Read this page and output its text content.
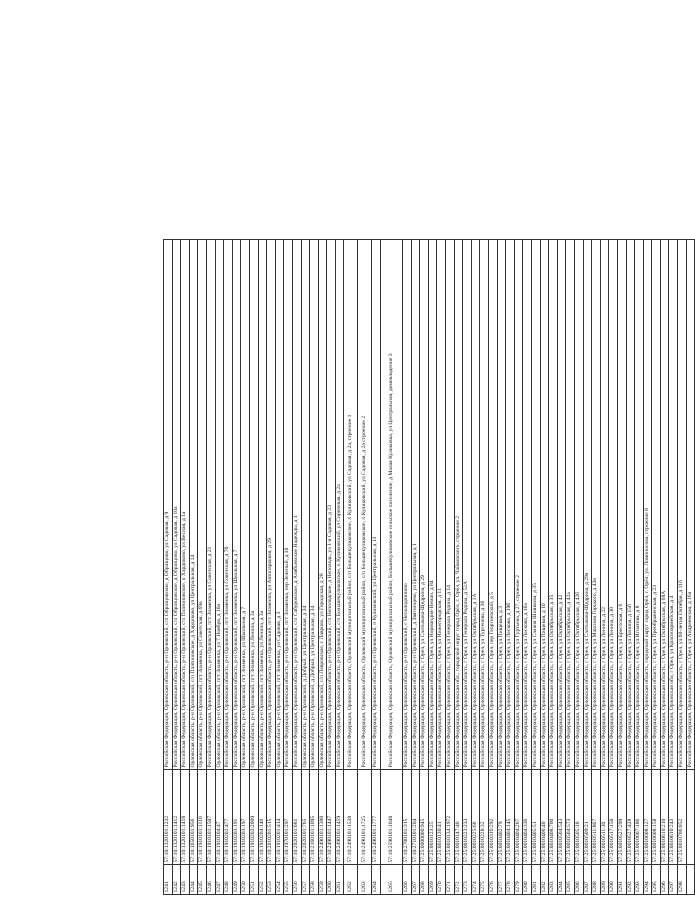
1241	57:10:1320101:1232	Российская Федерация, Орловская область, р-н Орловский, с/п Образцовское, д Образцово, ул Садовая, д 9
1242	57:10:1320101:1412	Российская Федерация, Орловская область, р-н Орловский, с/п Образцовское, д Образцово, ул Садовая, д 10а
1243	57:10:1320101:1418	Российская Федерация, Орловская область, р-н Орловский, с/п Платоновское, п Хардиково, ул Весная, д 1а
1244	57:10:1650101:956	Орловская область, р-н Орловский, с/п Платоновское, д Хардиково, ул Центральная, д 14
1245	57:10:1910101:1110	Орловская область, р-н Орловский, пгт Знаменка, ул Советская, д 69в
1246	57:10:1910101:1507	Российская Федерация, Орловская область, р-н Орловский, пгт Знаменка, ул Советская, д 21
1247	57:10:1910104:47	Орловская область, р-н Орловский, пгт Знаменка, ул 7 Ноября, д 10а
1248	57:10:1910202:477	Российская Федерация, Орловская область, р-н Орловский, пгт Знаменка, ул Советская, д 70
1249	57:10:1910203:191	Российская Федерация, Орловская область, р-н Орловский, пгт Знаменка, ул Школьная, д 7
1250	57:10:1910203:197	Орловская область, р-н Орловский, пгт Знаменка, ул Школьная, д 7
1251	57:10:1910203:2009	Орловская область, р-н Орловский, пгт Знаменка, ул Ленина, д 3а
1252	57:10:1910204:140	Орловская область, р-н Орловский, пгт Знаменка, ул Ленина, д 3а
1253	57:10:2010201:515	Российская Федерация, Орловская область, р-н Орловский, пгт Знаменка, ул Автопарковая, д 29
1254	57:10:1910201:414	Орловская область, р-н Орловский, пгт Знаменка, ул Садовая, д 3
1255	57:10:1970101:297	Российская Федерация, Орловская область, р-н Орловский, пгт Знаменка, пер Зеленый, д 10
1256	57:10:2020101:681	Российская Федерация, Орловская область, р-н Орловский, с/п Сабуровское, д Алябьевское Надежды, д 1
1257	57:10:2020101:765	Орловская область, р-н Орловский, д Добрый, ул Центральная, д 34
1258	57:10:2160101:1095	Орловская область, р-н Орловский, д Добрый, ул Центральная, д 34
1259	57:10:2490101:1380	Орловская область, р-н Орловский, с/п Лавровское, с Лаврово, ул Городская, д 28
1260	57:10:2490101:1447	Российская Федерация, Орловская область, р-н Орловский, с/п Неполодское, д Неполодь, ул 1-я Садовая, д 23
1261	57:10:2490101:1459	Российская Федерация, Орловская область, р-н Орловский, с/п Большекуликовское, п Куликовский, ул Сиреневая, д 2а
1262	57:10:2490101:1538	Российская Федерация, Орловская область, Орловский муниципальный район, с/п Большекуликовское, п Куликовский, ул Садовая, д 2а, строение 1
1263	57:10:2490101:1725	Российская Федерация, Орловская область, Орловский муниципальный район, с/п Большекуликовское, п Куликовский, ул Садовая, д 2а строение 2
1264	57:10:2490101:1777	Российская Федерация, Орловская область, р-н Орловский, п Куликовский, ул Центральная, д 13
1265	57:10:2590101:1048	Российская Федерация, Орловская область, Орловский муниципальный район, Большекуликовское сельское поселение, д Малая Куликовка, ул Центральная, домовладение 3
1266	57:10:2700101:315	Российская Федерация, Орловская область, р-н Орловский, с Неполодчиново
1267	57:10:2710101:204	Российская Федерация, Орловская область, р-н Орловский, д Звягинцево, ул Центральная, д 1
1268	57:25:0000000:945	Российская Федерация, Орловская область, г Орел, ул Салтыкова-Щедрина, д 29
1269	57:25:0010123:25	Российская Федерация, Орловская область, г Орел, ул Нормандия-Неман, д 84
1270	57:25:0010130:41	Российская Федерация, Орловская область, г Орел, ул Нижегородская, д 11
1271	57:25:0010134:1972	Российская Федерация, Орловская область, г Орел, ул Генерала Родина, д 14
1272	57:25:0010147:40	Российская Федерация, Орловская обл., городской округ город Орёл, г. Орёл, ул. Чайковского, строение 2
1273	57:25:0010223:233	Российская Федерация, Орловская область, г Орел, ул Генерала Родина, д 52А
1274	57:25:0010225:66	Российская Федерация, Орловская область, г Орел, ул Октябрьская, д 1А
1275	57:25:0010228:32	Российская Федерация, Орловская область, г Орел, ул Тургенева, д 36
1276	57:25:0010316:292	Российская Федерация, Орловская область, г Орел, пер Георгиевский, д 5
1277	57:25:0010402:79	Российская Федерация, Орловская область, г Орел, ул Пищевая, д 3
1278	57:25:0010404:145	Российская Федерация, Орловская область, г Орел, ул Лескова, д 19б
1279	57:25:0010404:267	Российская Федерация, Орловская область, г Орел, ул Гуртьева, д 27, строение 2
1280	57:25:0010404:336	Российская Федерация, Орловская область, г Орел, ул Лескова, д 16а
1281	57:25:0010405:51	Российская Федерация, Орловская область, г Орел, ул Саханя Шишкова, д 35
1282	57:25:0010406:40	Российская Федерация, Орловская область, г Орел, ул Пищевая, д 10
1283	57:25:0010408:700	Российская Федерация, Орловская область, г Орел, ул Октябрьская, д 35
1284	57:25:0010504:543	Российская Федерация, Орловская область, г Орел, ул Октябрьская, д 42
1285	57:25:0010504:573	Российская Федерация, Орловская область, г Орел, ул Октябрьская, д 42а
1286	57:25:0010505:18	Российская Федерация, Орловская область, г Орел, ул Октябрьская, д 42б
1287	57:25:0010509:21	Российская Федерация, Орловская область, г Орел, ул Салтыкова-Щедрина, д 29а
1288	57:25:0010511:867	Российская Федерация, Орловская область, г Орел, ул Максима Горького, д 43в
1289	57:25:0010511:30	Российская Федерация, Орловская область, г Орел, ул Ленина, д 22
1290	57:25:0010517:150	Российская Федерация, Орловская область, г Орел, ул Ленина, д 30
1291	57:25:0010527:299	Российская Федерация, Орловская область, г Орел, ул Брестская, д 6
1292	57:25:0010527:428	Российская Федерация, Орловская область, г Орел, ул Ленина, д 15б
1293	57:25:0010607:186	Российская Федерация, Орловская область, г Орел, ул Игнатова, д 8
1294	57:25:0010608:127	Российская Федерация, Орловская область, городской округ город Орёл, г. Орёл, ул. Ломоносова, строение 8
1295	57:25:0010608:158	Российская Федерация, Орловская область, г Орел, ул Преображенская, д 23
1296	57:25:0010610:210	Российская Федерация, Орловская область, г Орел, ул Октябрьская, д 68А
1297	57:25:0010610:243	Российская Федерация, Орловская обл, г Орел, ул Красноармейская, д 4
1298	57:25:0010706:852	Российская Федерация, Орловская область, г Орел, ул 60-летия Октября, д 11б
		Российская Федерация, Орловская область, г Орел, ул Андреевская, д 16а
